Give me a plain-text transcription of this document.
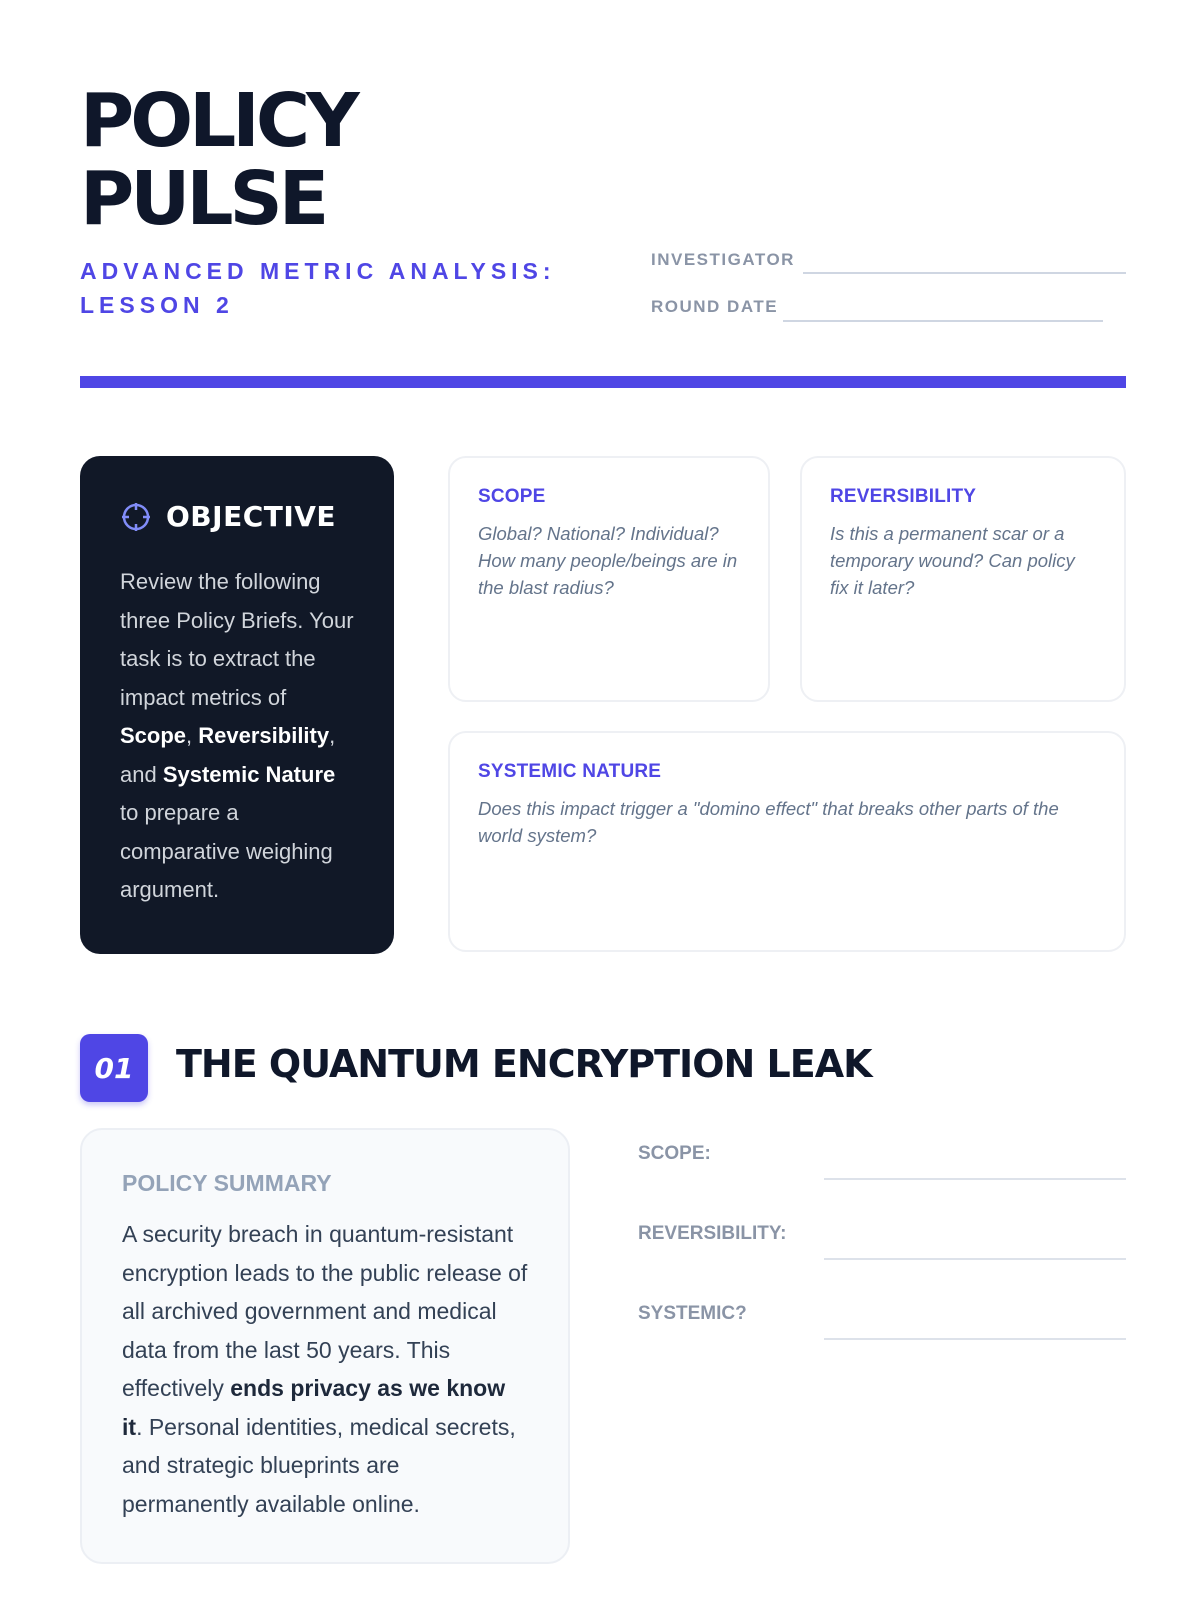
POLICY
PULSE
ADVANCED METRIC ANALYSIS: LESSON 2
INVESTIGATOR
ROUND DATE
OBJECTIVE

Review the following three Policy Briefs. Your task is to extract the impact metrics of Scope, Reversibility, and Systemic Nature to prepare a comparative weighing argument.

SCOPE
Global? National? Individual? How many people/beings are in the blast radius?
REVERSIBILITY
Is this a permanent scar or a temporary wound? Can policy fix it later?
SYSTEMIC NATURE
Does this impact trigger a "domino effect" that breaks other parts of the world system?
01	THE QUANTUM ENCRYPTION LEAK
POLICY SUMMARY

A security breach in quantum-resistant encryption leads to the public release of all archived government and medical data from the last 50 years. This effectively ends privacy as we know it. Personal identities, medical secrets, and strategic blueprints are permanently available online.

SCOPE:
REVERSIBILITY:
SYSTEMIC?
